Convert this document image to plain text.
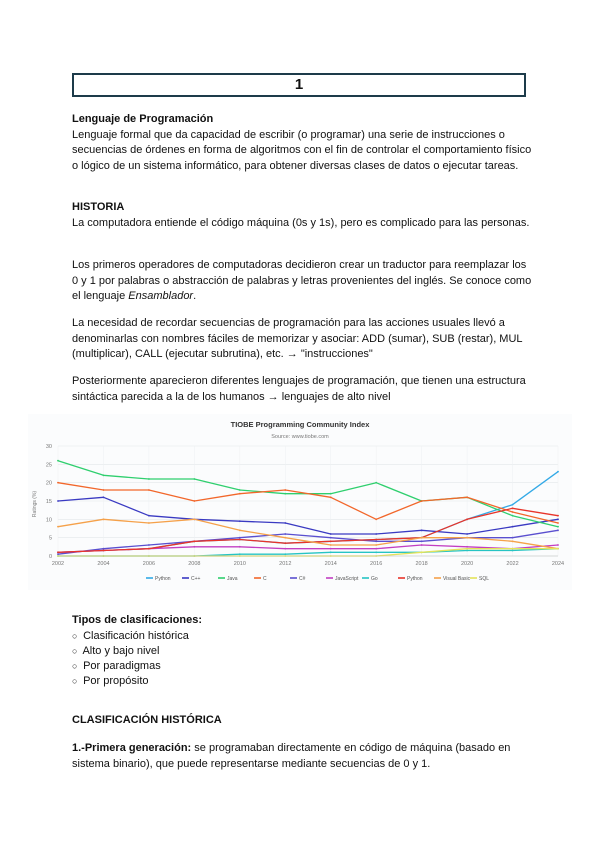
1
Lenguaje de Programación
Lenguaje formal que da capacidad de escribir (o programar) una serie de instrucciones o secuencias de órdenes en forma de algoritmos con el fin de controlar el comportamiento físico o lógico de un sistema informático, para obtener diversas clases de datos o ejecutar tareas.
HISTORIA
La computadora entiende el código máquina (0s y 1s), pero es complicado para las personas.
Los primeros operadores de computadoras decidieron crear un traductor para reemplazar los 0 y 1 por palabras o abstracción de palabras y letras provenientes del inglés. Se conoce como el lenguaje Ensamblador.
La necesidad de recordar secuencias de programación para las acciones usuales llevó a denominarlas con nombres fáciles de memorizar y asociar: ADD (sumar), SUB (restar), MUL (multiplicar), CALL (ejecutar subrutina), etc. → "instrucciones"
Posteriormente aparecieron diferentes lenguajes de programación, que tienen una estructura sintáctica parecida a la de los humanos → lenguajes de alto nivel
TIOBE Programming Community Index
Source: www.tiobe.com
Ratings (%)
0
5
10
15
20
25
30
2002	2004	2006	2008	2010	2012	2014	2016	2018	2020	2022	2024
Python	C++	Java	C	C#	JavaScript	Go	Python	Visual Basic SQL
Tipos de clasificaciones:
○ Clasificación histórica
○ Alto y bajo nivel
○ Por paradigmas
○ Por propósito
CLASIFICACIÓN HISTÓRICA
1.-Primera generación: se programaban directamente en código de máquina (basado en sistema binario), que puede representarse mediante secuencias de 0 y 1.
